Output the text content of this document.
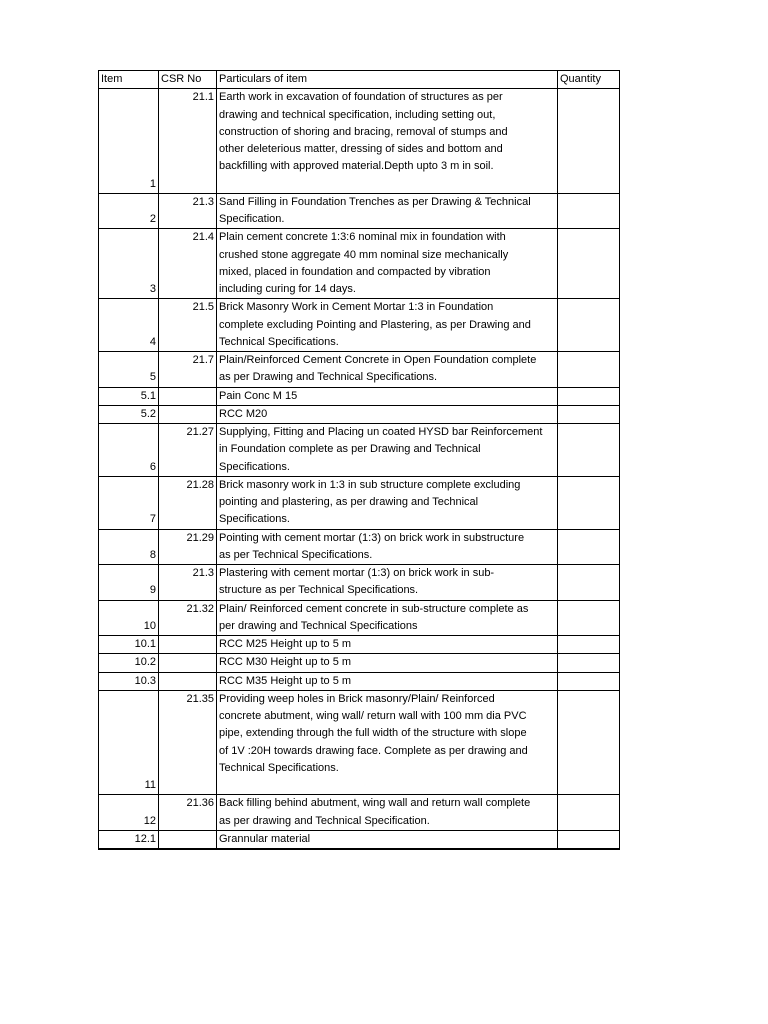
Item	CSR No	Particulars of item	Quantity
1	21.1	Earth work in excavation of foundation of structures as per
drawing and technical specification, including setting out,
construction of shoring and bracing, removal of stumps and
other deleterious matter, dressing of sides and bottom and
backfilling with approved material.Depth upto 3 m in soil.	

2	21.3	Sand Filling in Foundation Trenches as per Drawing & Technical
Specification.	

3	21.4	Plain cement concrete 1:3:6 nominal mix in foundation with
crushed stone aggregate 40 mm nominal size mechanically
mixed, placed in foundation and compacted by vibration
including curing for 14 days.	

4	21.5	Brick Masonry Work in Cement Mortar 1:3 in Foundation
complete excluding Pointing and Plastering, as per Drawing and
Technical Specifications.	

5	21.7	Plain/Reinforced Cement Concrete in Open Foundation complete
as per Drawing and Technical Specifications.	

5.1		Pain Conc M 15	

5.2		RCC M20	

6	21.27	Supplying, Fitting and Placing un coated HYSD bar Reinforcement
in Foundation complete as per Drawing and Technical
Specifications.	

7	21.28	Brick masonry work in 1:3 in sub structure complete excluding
pointing and plastering, as per drawing and Technical
Specifications.	

8	21.29	Pointing with cement mortar (1:3) on brick work in substructure
as per Technical Specifications.	

9	21.3	Plastering with cement mortar (1:3) on brick work in sub-
structure as per Technical Specifications.	

10	21.32	Plain/ Reinforced cement concrete in sub-structure complete as
per drawing and Technical Specifications	

10.1		RCC M25 Height up to 5 m	

10.2		RCC M30 Height up to 5 m	

10.3		RCC M35 Height up to 5 m	

11	21.35	Providing weep holes in Brick masonry/Plain/ Reinforced
concrete abutment, wing wall/ return wall with 100 mm dia PVC
pipe, extending through the full width of the structure with slope
of 1V :20H towards drawing face. Complete as per drawing and
Technical Specifications.	

12	21.36	Back filling behind abutment, wing wall and return wall complete
as per drawing and Technical Specification.	

12.1		Grannular material	
